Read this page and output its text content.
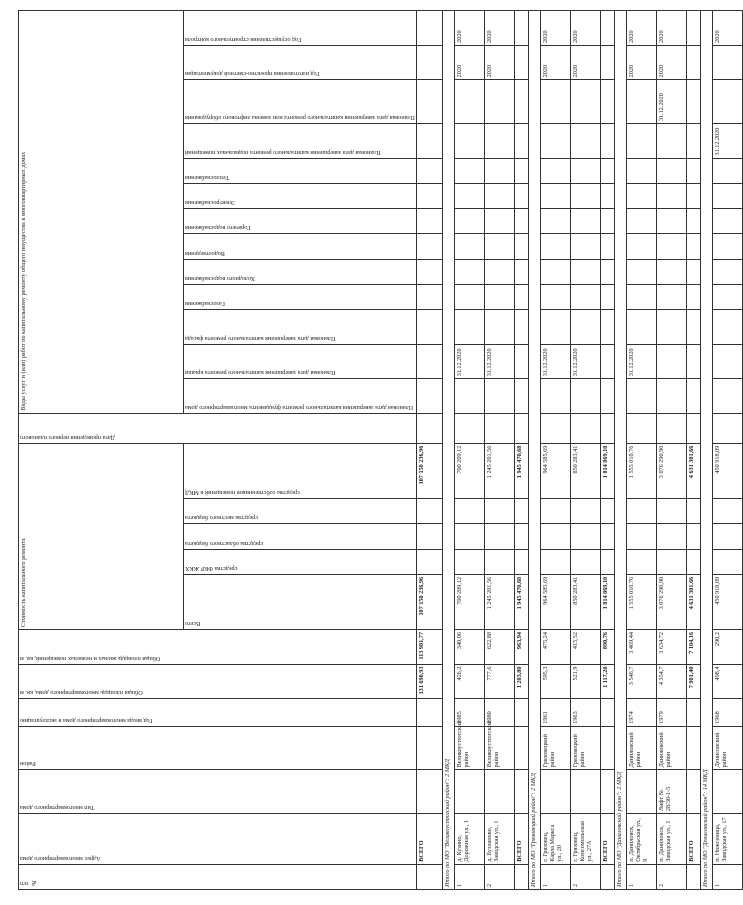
№ п/п	Адрес многоквартирного дома	Тип многоквартирного дома	Район	Год ввода многоквартирного дома в эксплуатацию	Общая площадь многоквартирного дома, кв. м	Общая площадь жилых и нежилых помещений, кв. м	Стоимость капитального ремонта					Дата проведения первого планового	Виды услуг и (или) работ по капитальному ремонту общего имущества в многоквартирных домах												

							Всего	средства ФКР ЖКХ	средства областного бюджета	средства местного бюджета	средства собственников помещений в МКД		Плановая дата завершения капитального ремонта фундамента многоквартирного дома	Плановая дата завершения капитального ремонта крыши	Плановая дата завершения капитального ремонта фасада	Газоснабжения	Холодного водоснабжения	Водоотведения	Горячего водоснабжения	Электроснабжения	Теплоснабжения	Плановая дата завершения капитального ремонта подвальных помещений	Плановая дата завершения капитального ремонта или замены лифтового оборудования	Год изготовления проектно-сметной документации	Год осуществления строительного контроля

	ВСЕГО				131 690,93	113 981,77	107 150 236,96				107 150 236,96														
Итого по МО "Великоустюгский район": 2 МКД																									
1	д. Кузино, Дорожная ул., 1		Великоустюгский район	1985	426,2	340,06	700 209,12				700 209,12			31.12.2020										2020	2020
2	д. Бузланово, Заводская ул., 1		Великоустюгский район	1980	777,6	622,88	1 245 201,56				1 245 201,56			31.12.2020										2020	2020
	ВСЕГО				1 203,80	963,94	1 945 470,68				1 945 470,68														
Итого по МО "Грязовецкий район": 2 МКД																									
1	г. Грязовец, Карла Маркса ул., 20		Грязовецкий район	1961	595,3	475,24	964 585,69				964 585,69			31.12.2020										2020	2020
2	г. Грязовец, Комсомольская ул., 27А		Грязовецкий район	1963	521,9	415,52	850 283,41				850 283,41			31.12.2020										2020	2020
	ВСЕГО				1 117,20	890,76	1 814 869,10				1 814 869,10														
Итого по МО "Даниловский район": 2 МКД																									
1	п. Даниловск, Октябрьская ул., 9		Даниловский район	1974	3 546,7	3 469,44	1 555 010,76				1 555 010,76			31.12.2020										2020	2020
2	п. Даниловск, Заводская ул., 1	Лифт № 28/30-1-5	Даниловский район	1979	4 354,7	3 634,72	3 076 290,90				3 076 290,90												31.12.2020	2020	2020
	ВСЕГО				7 901,40	7 104,16	4 631 301,66				4 631 301,66														
Итого по МО "Денисовский район": 14 МКД																									
1	п. Нюксеница, Заводская ул., 17		Денисовский район	1968	498,4	290,2	450 918,09				450 918,09											31.12.2020			2020
